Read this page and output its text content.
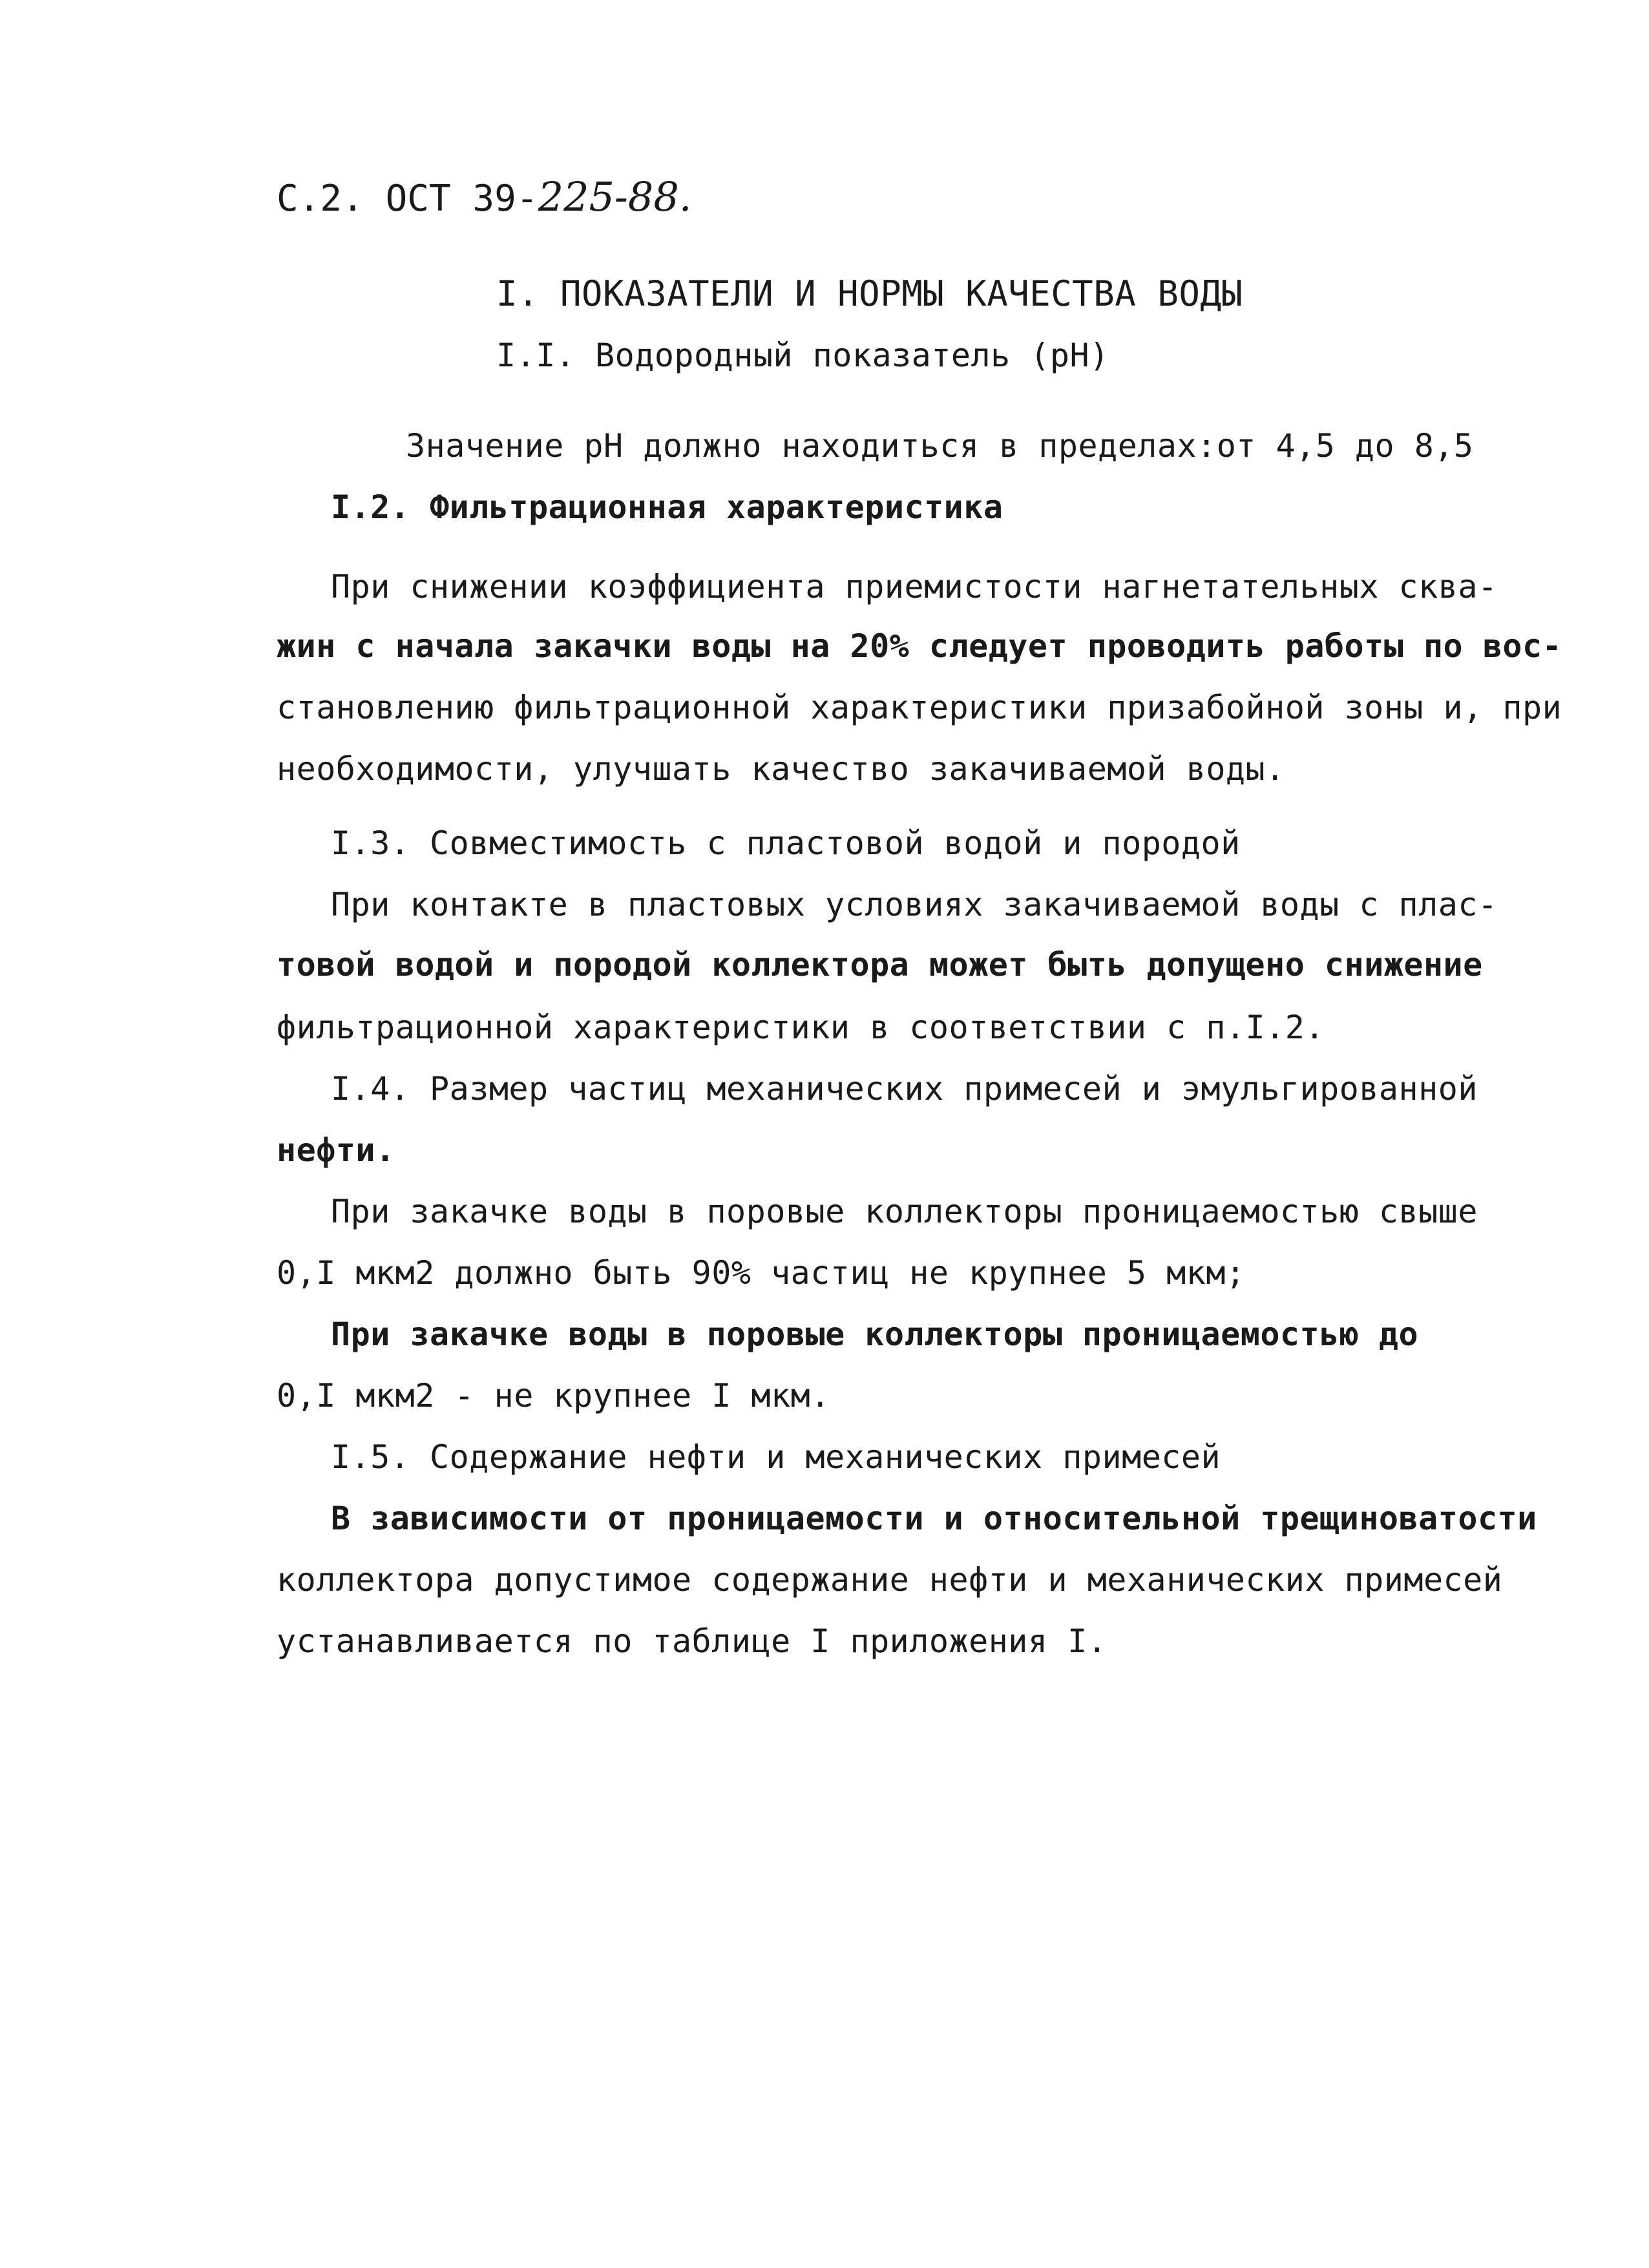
С.2. ОСТ 39-225-88.
I. ПОКАЗАТЕЛИ И НОРМЫ КАЧЕСТВА ВОДЫ
I.I. Водородный показатель (pH)
Значение pH должно находиться в пределах:от 4,5 до 8,5
I.2. Фильтрационная характеристика
При снижении коэффициента приемистости нагнетательных сква-
жин с начала закачки воды на 20% следует проводить работы по вос-
становлению фильтрационной характеристики призабойной зоны и, при
необходимости, улучшать качество закачиваемой воды.
I.3. Совместимость с пластовой водой и породой
При контакте в пластовых условиях закачиваемой воды с плас-
товой водой и породой коллектора может быть допущено снижение
фильтрационной характеристики в соответствии с п.I.2.
I.4. Размер частиц механических примесей и эмульгированной
нефти.
При закачке воды в поровые коллекторы проницаемостью свыше
0,I мкм2 должно быть 90% частиц не крупнее 5 мкм;
При закачке воды в поровые коллекторы проницаемостью до
0,I мкм2 - не крупнее I мкм.
I.5. Содержание нефти и механических примесей
В зависимости от проницаемости и относительной трещиноватости
коллектора допустимое содержание нефти и механических примесей
устанавливается по таблице I приложения I.
